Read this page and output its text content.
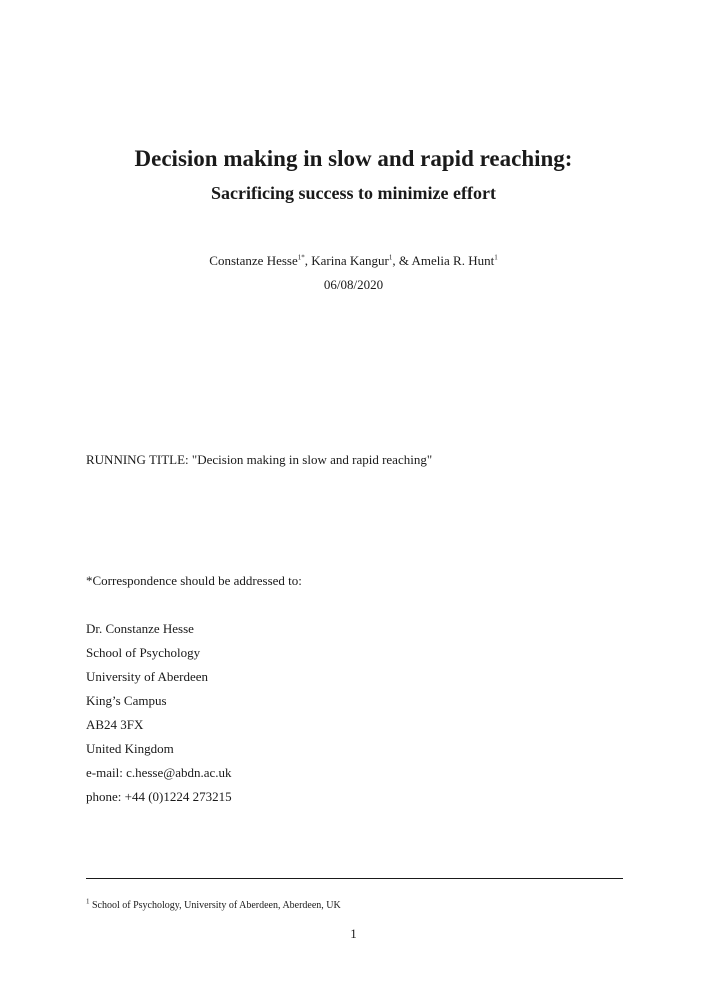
Decision making in slow and rapid reaching:
Sacrificing success to minimize effort
Constanze Hesse$^{1*}$, Karina Kangur$^1$, & Amelia R. Hunt$^1$
06/08/2020
RUNNING TITLE: "Decision making in slow and rapid reaching"
*Correspondence should be addressed to:
Dr. Constanze Hesse
School of Psychology
University of Aberdeen
King’s Campus
AB24 3FX
United Kingdom
e-mail: c.hesse@abdn.ac.uk
phone: +44 (0)1224 273215
$^1$ School of Psychology, University of Aberdeen, Aberdeen, UK
1
